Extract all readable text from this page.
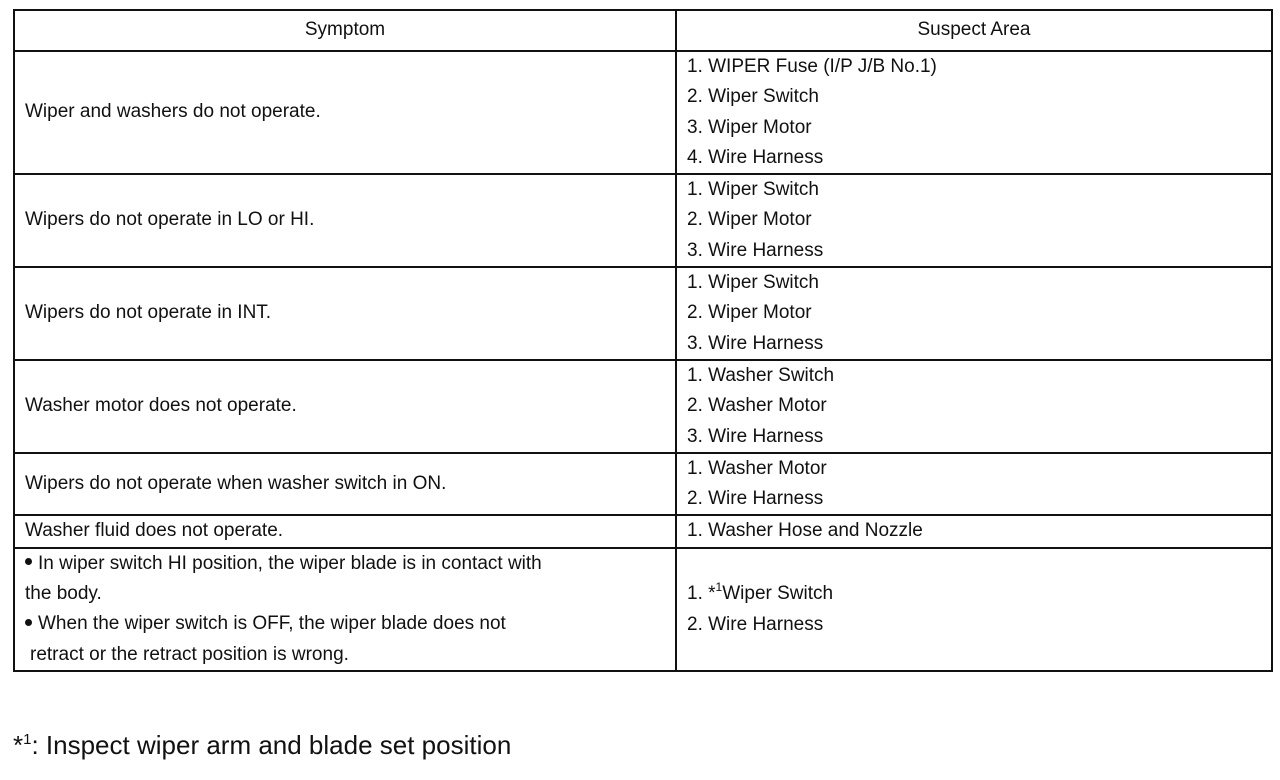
Symptom	Suspect Area
Wiper and washers do not operate.	1. WIPER Fuse (I/P J/B No.1)
2. Wiper Switch
3. Wiper Motor
4. Wire Harness

Wipers do not operate in LO or HI.	1. Wiper Switch
2. Wiper Motor
3. Wire Harness

Wipers do not operate in INT.	1. Wiper Switch
2. Wiper Motor
3. Wire Harness

Washer motor does not operate.	1. Washer Switch
2. Washer Motor
3. Wire Harness

Wipers do not operate when washer switch in ON.	1. Washer Motor
2. Wire Harness

Washer fluid does not operate.	1. Washer Hose and Nozzle

In wiper switch HI position, the wiper blade is in contact with
the body.
When the wiper switch is OFF, the wiper blade does not
retract or the retract position is wrong.	1. *$^1$Wiper Switch
2. Wire Harness
*$^1$: Inspect wiper arm and blade set position
